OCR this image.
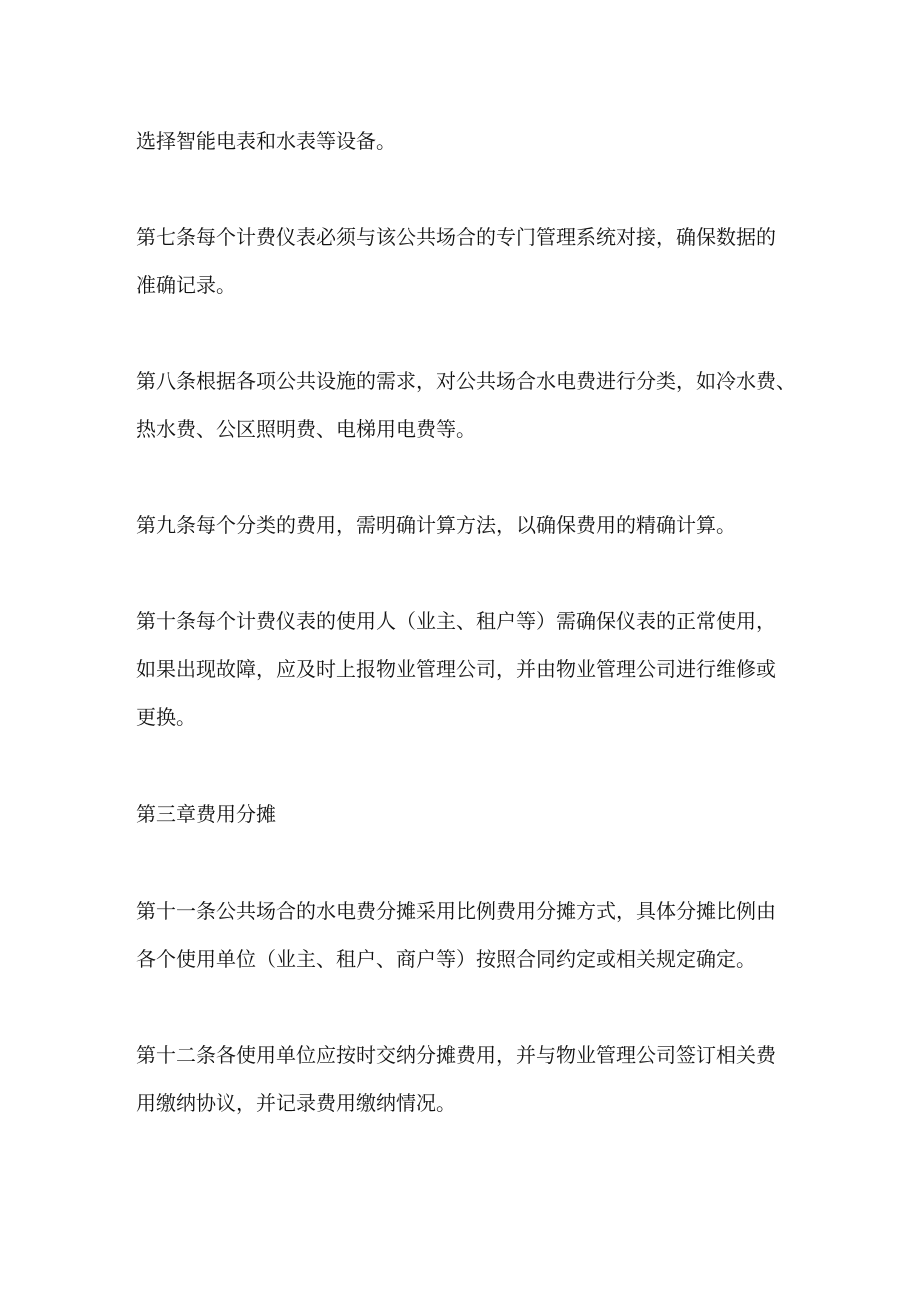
选择智能电表和水表等设备。

第七条每个计费仪表必须与该公共场合的专门管理系统对接，确保数据的
准确记录。

第八条根据各项公共设施的需求，对公共场合水电费进行分类，如冷水费、
热水费、公区照明费、电梯用电费等。

第九条每个分类的费用，需明确计算方法，以确保费用的精确计算。

第十条每个计费仪表的使用人（业主、租户等）需确保仪表的正常使用，
如果出现故障，应及时上报物业管理公司，并由物业管理公司进行维修或
更换。

第三章费用分摊

第十一条公共场合的水电费分摊采用比例费用分摊方式，具体分摊比例由
各个使用单位（业主、租户、商户等）按照合同约定或相关规定确定。

第十二条各使用单位应按时交纳分摊费用，并与物业管理公司签订相关费
用缴纳协议，并记录费用缴纳情况。
